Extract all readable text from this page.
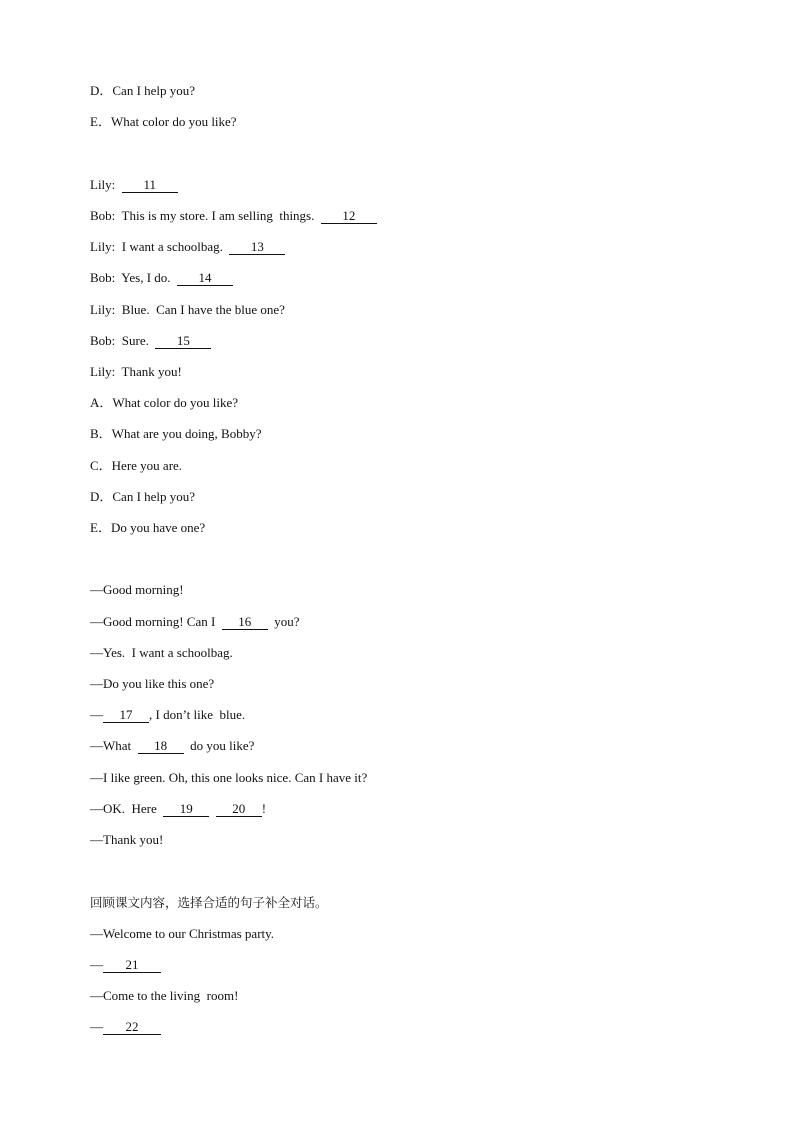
D．Can I help you?
E．What color do you like?
Lily:  11
Bob:  This is my store. I am selling  things.  12
Lily:  I want a schoolbag.  13
Bob:  Yes, I do.  14
Lily:  Blue.  Can I have the blue one?
Bob:  Sure.  15
Lily:  Thank you!
A．What color do you like?
B．What are you doing, Bobby?
C．Here you are.
D．Can I help you?
E．Do you have one?
—Good morning!
—Good morning! Can I  16  you?
—Yes.  I want a schoolbag.
—Do you like this one?
— 17 , I don’t like  blue.
—What  18  do you like?
—I like green. Oh, this one looks nice. Can I have it?
—OK.  Here  19	20 !
—Thank you!
回顾课文内容，选择合适的句子补全对话。
—Welcome to our Christmas party.
— 21
—Come to the living  room!
— 22
